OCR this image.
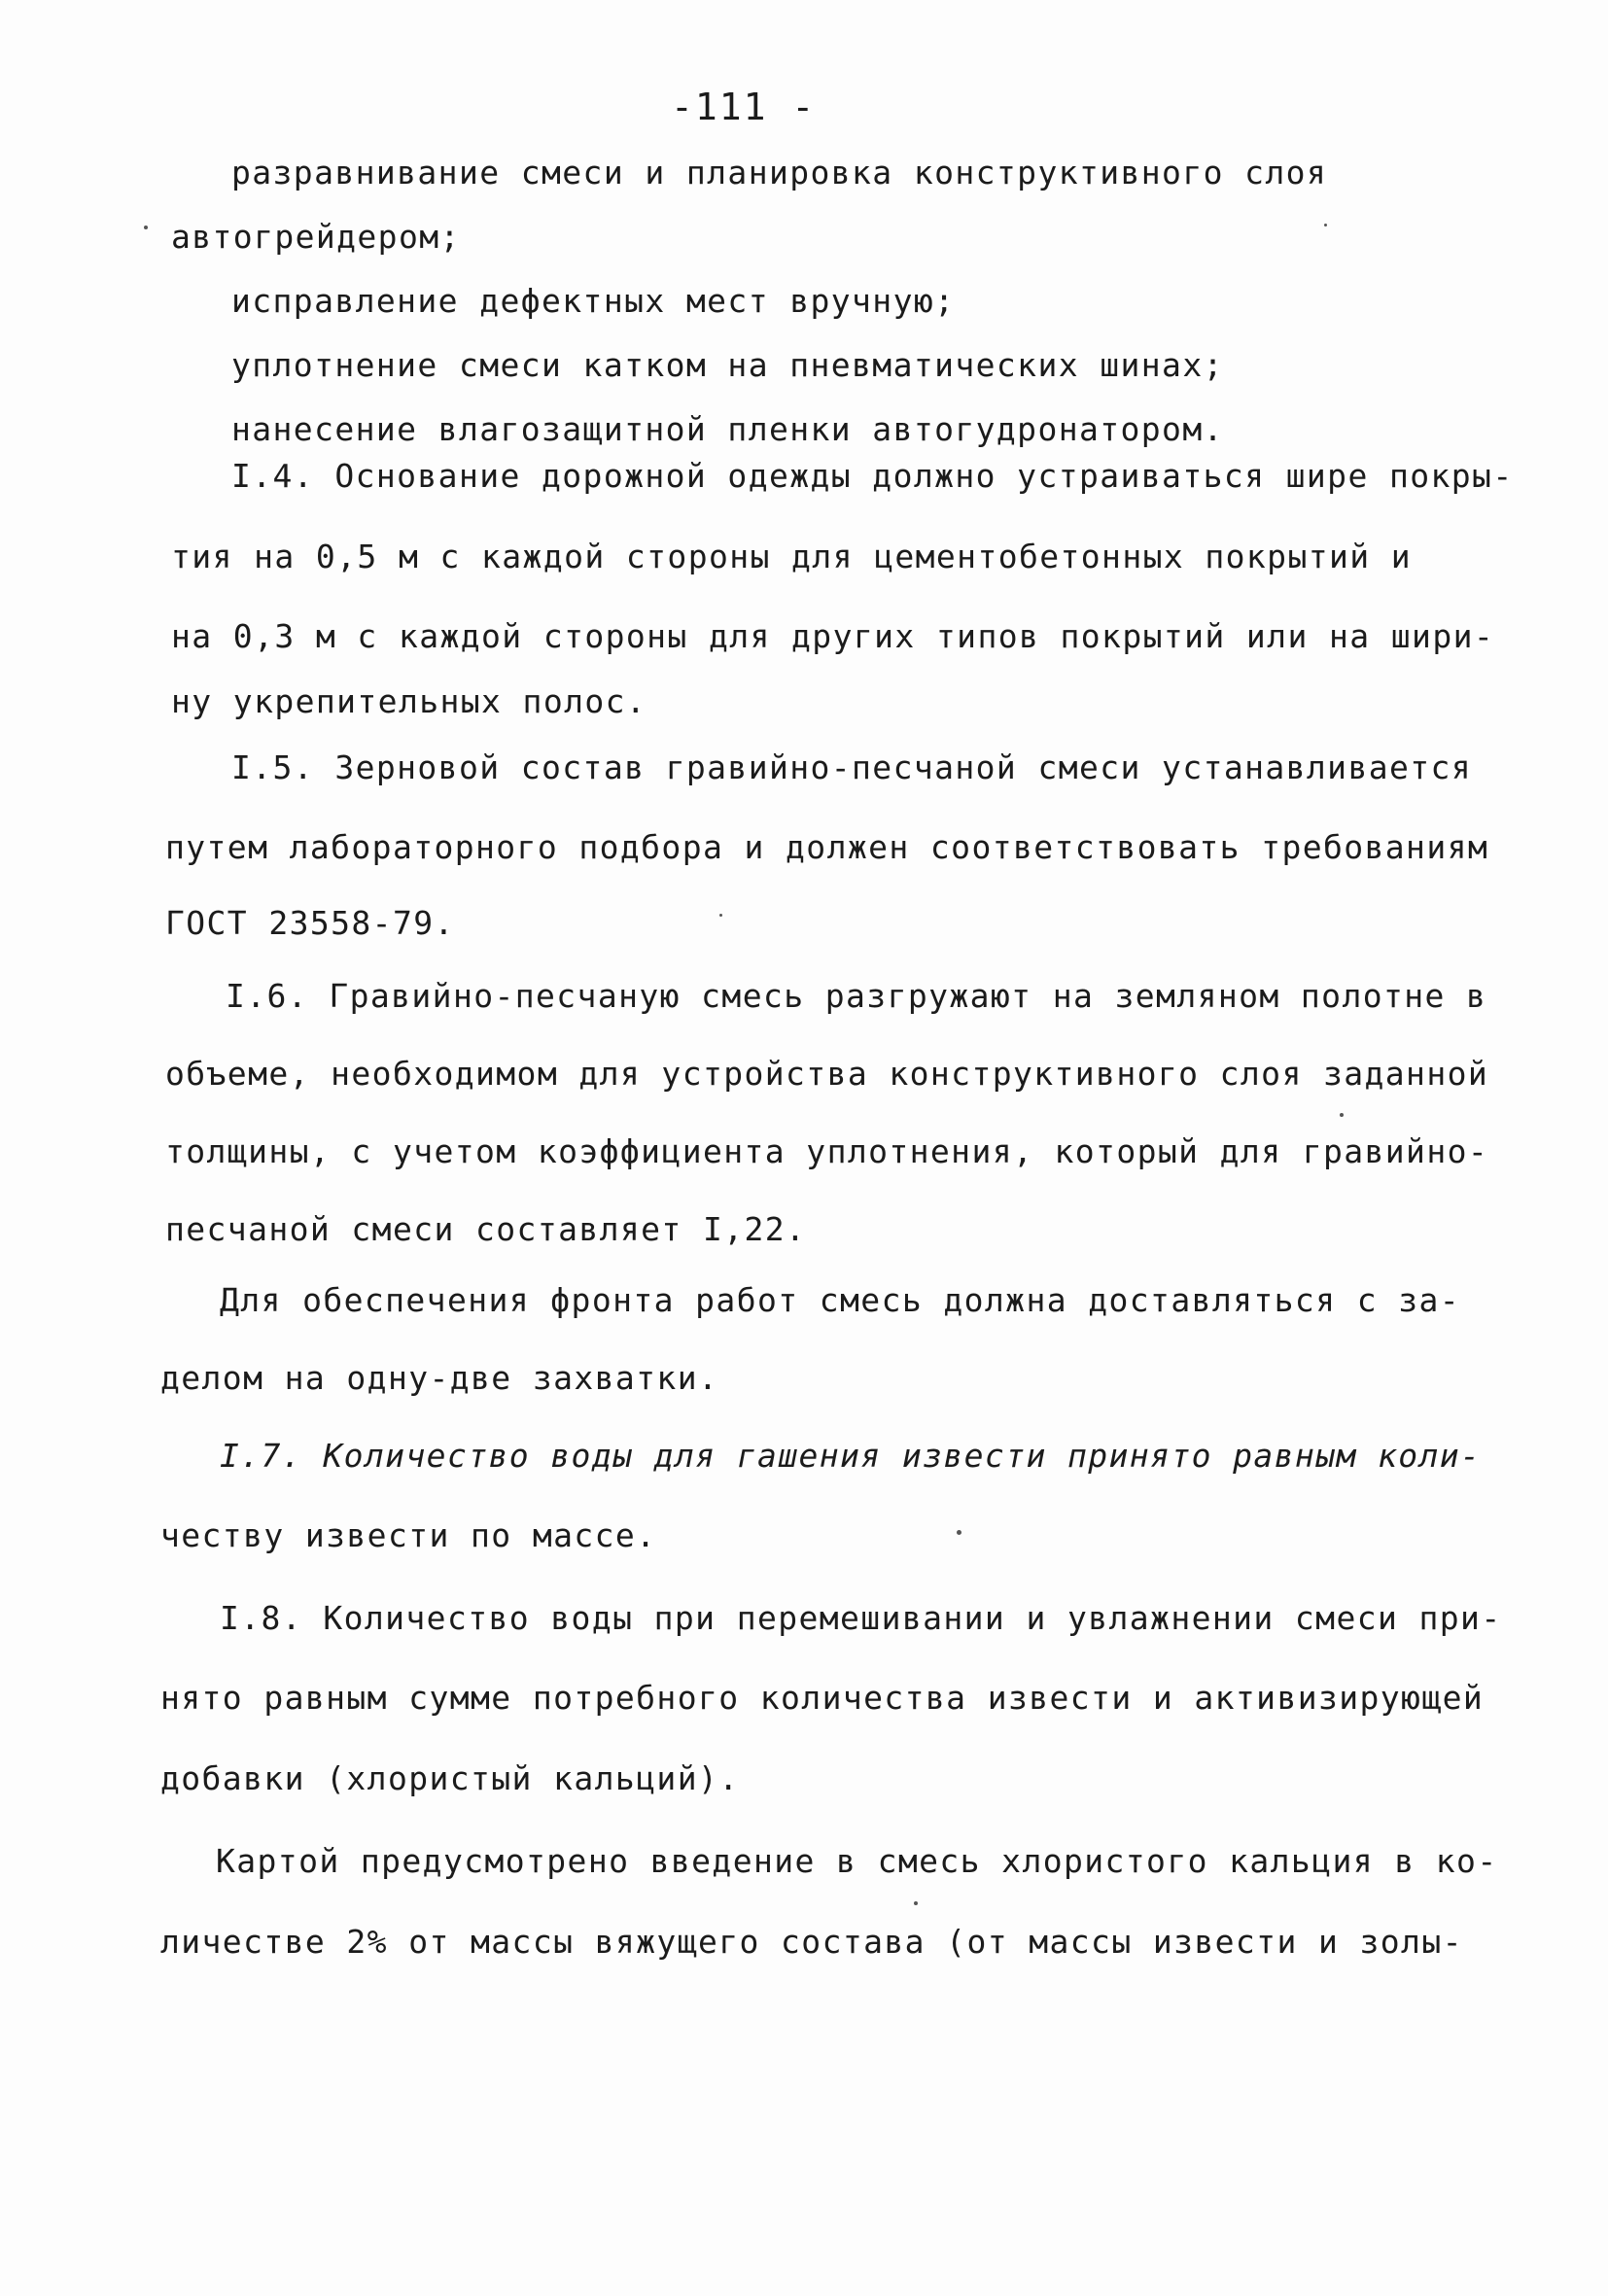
-111 -
разравнивание смеси и планировка конструктивного слоя
автогрейдером;
исправление дефектных мест вручную;
уплотнение смеси катком на пневматических шинах;
нанесение влагозащитной пленки автогудронатором.
I.4. Основание дорожной одежды должно устраиваться шире покры-
тия на 0,5 м с каждой стороны для цементобетонных покрытий и
на 0,3 м с каждой стороны для других типов покрытий или на шири-
ну укрепительных полос.
I.5. Зерновой состав гравийно-песчаной смеси устанавливается
путем лабораторного подбора и должен соответствовать требованиям
ГОСТ 23558-79.
I.6. Гравийно-песчаную смесь разгружают на земляном полотне в
объеме, необходимом для устройства конструктивного слоя заданной
толщины, с учетом коэффициента уплотнения, который для гравийно-
песчаной смеси составляет I,22.
Для обеспечения фронта работ смесь должна доставляться с за-
делом на одну-две захватки.
I.7. Количество воды для гашения извести принято равным коли-
честву извести по массе.
I.8. Количество воды при перемешивании и увлажнении смеси при-
нято равным сумме потребного количества извести и активизирующей
добавки (хлористый кальций).
Картой предусмотрено введение в смесь хлористого кальция в ко-
личестве 2% от массы вяжущего состава (от массы извести и золы-
